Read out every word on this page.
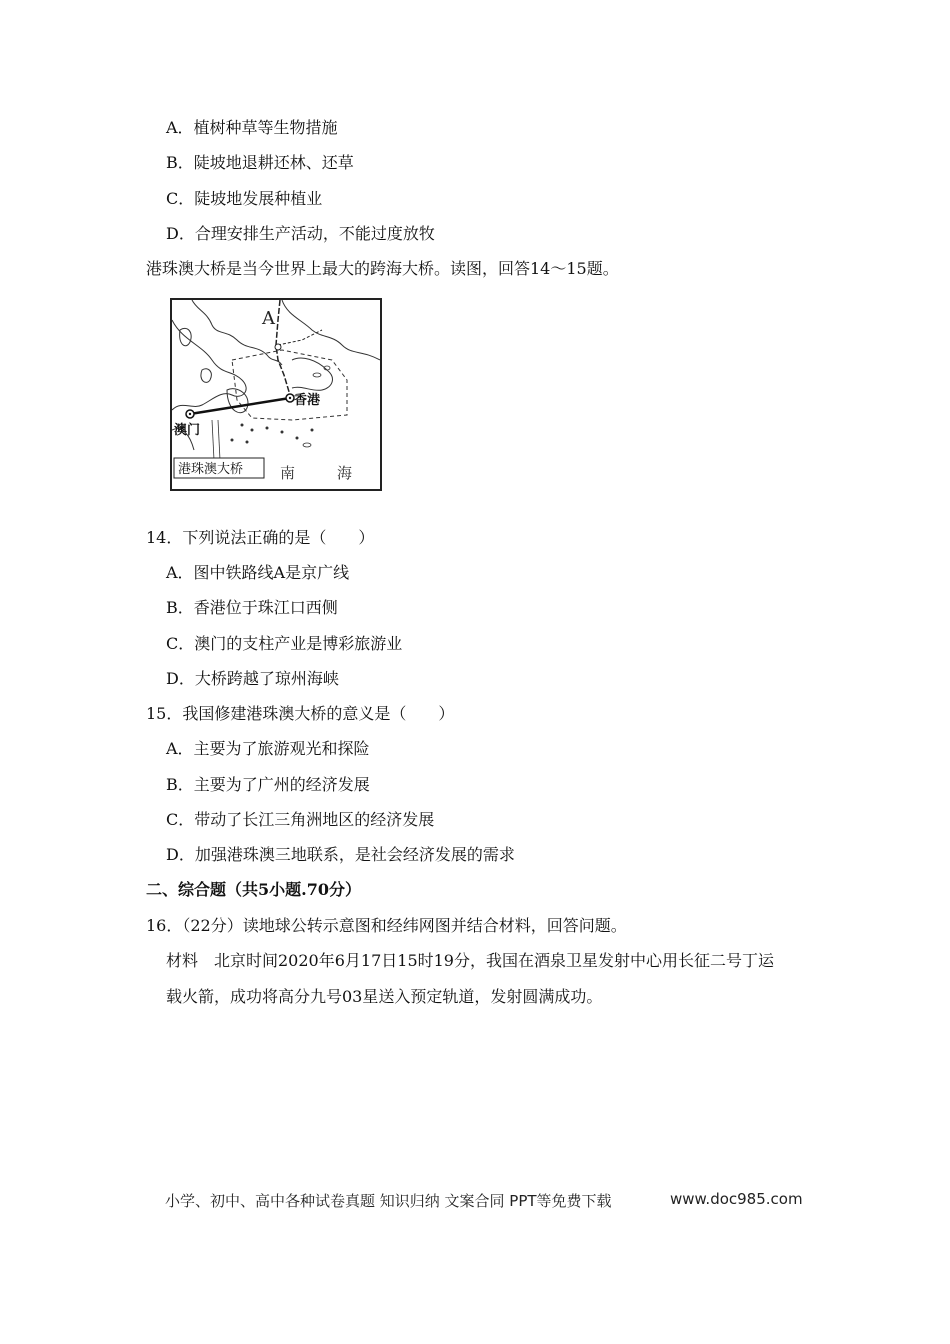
A．植树种草等生物措施
B．陡坡地退耕还林、还草
C．陡坡地发展种植业
D．合理安排生产活动，不能过度放牧
港珠澳大桥是当今世界上最大的跨海大桥。读图，回答14～15题。
A
香港
澳门
港珠澳大桥 南	海
14．下列说法正确的是（　　）
A．图中铁路线A是京广线
B．香港位于珠江口西侧
C．澳门的支柱产业是博彩旅游业
D．大桥跨越了琼州海峡
15．我国修建港珠澳大桥的意义是（　　）
A．主要为了旅游观光和探险
B．主要为了广州的经济发展
C．带动了长江三角洲地区的经济发展
D．加强港珠澳三地联系，是社会经济发展的需求
二、综合题（共5小题.70分）
16．（22分）读地球公转示意图和经纬网图并结合材料，回答问题。
材料　北京时间2020年6月17日15时19分，我国在酒泉卫星发射中心用长征二号丁运
载火箭，成功将高分九号03星送入预定轨道，发射圆满成功。
小学、初中、高中各种试卷真题 知识归纳 文案合同 PPT等免费下载	www.doc985.com
